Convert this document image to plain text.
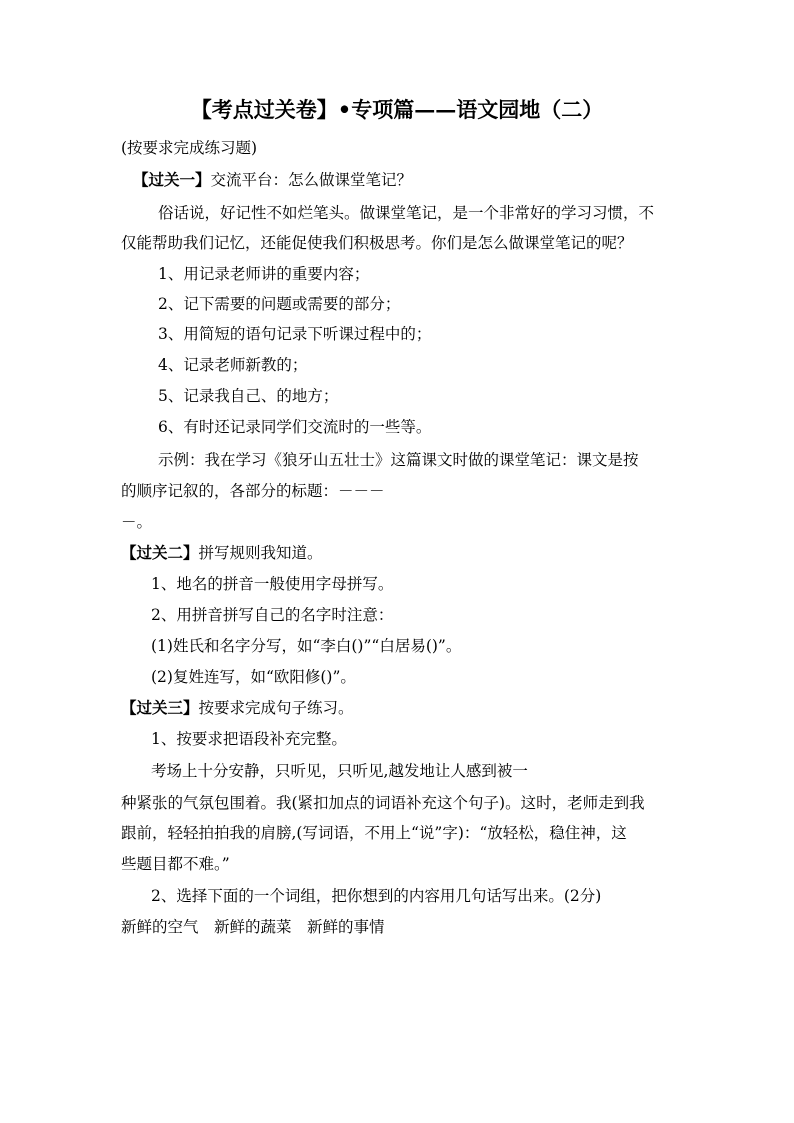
【考点过关卷】•专项篇——语文园地（二）
(按要求完成练习题)
【过关一】交流平台：怎么做课堂笔记？
俗话说，好记性不如烂笔头。做课堂笔记，是一个非常好的学习习惯，不
仅能帮助我们记忆，还能促使我们积极思考。你们是怎么做课堂笔记的呢？
1、用记录老师讲的重要内容；
2、记下需要的问题或需要的部分；
3、用简短的语句记录下听课过程中的；
4、记录老师新教的；
5、记录我自己、的地方；
6、有时还记录同学们交流时的一些等。
示例：我在学习《狼牙山五壮士》这篇课文时做的课堂笔记：课文是按
的顺序记叙的，各部分的标题：－－－
－。
【过关二】拼写规则我知道。
1、地名的拼音一般使用字母拼写。
2、用拼音拼写自己的名字时注意：
(1)姓氏和名字分写，如“李白()”“白居易()”。
(2)复姓连写，如“欧阳修()”。
【过关三】按要求完成句子练习。
1、按要求把语段补充完整。
考场上十分安静，只听见，只听见,越发地让人感到被一
种紧张的气氛包围着。我(紧扣加点的词语补充这个句子)。这时，老师走到我
跟前，轻轻拍拍我的肩膀,(写词语，不用上“说”字)：“放轻松，稳住神，这
些题目都不难。”
2、选择下面的一个词组，把你想到的内容用几句话写出来。(2分)
新鲜的空气　新鲜的蔬菜　新鲜的事情
